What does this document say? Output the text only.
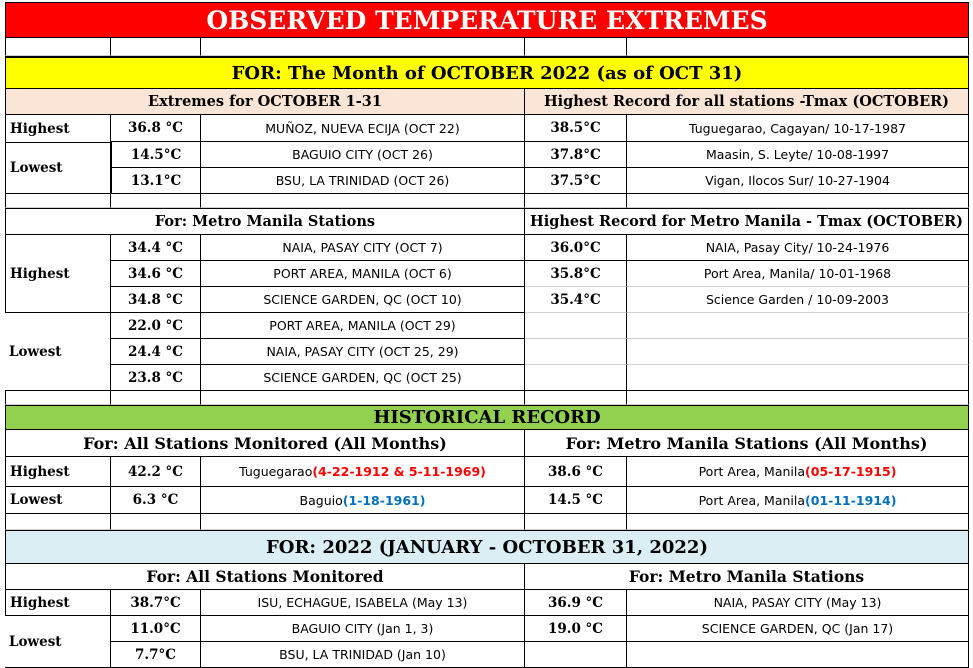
OBSERVED TEMPERATURE EXTREMES
FOR: The Month of OCTOBER 2022 (as of OCT 31)
Extremes for OCTOBER 1-31	Highest Record for all stations -Tmax (OCTOBER)
Highest	36.8 °C	MUÑOZ, NUEVA ECIJA (OCT 22)	38.5°C	Tuguegarao, Cagayan/ 10-17-1987
Lowest
14.5°C	BAGUIO CITY (OCT 26)	37.8°C	Maasin, S. Leyte/ 10-08-1997
13.1°C	BSU, LA TRINIDAD (OCT 26)	37.5°C	Vigan, Ilocos Sur/ 10-27-1904
For: Metro Manila Stations	Highest Record for Metro Manila - Tmax (OCTOBER)
Highest
34.4 °C	NAIA, PASAY CITY (OCT 7)	36.0°C	NAIA, Pasay City/ 10-24-1976
34.6 °C	PORT AREA, MANILA (OCT 6)	35.8°C	Port Area, Manila/ 10-01-1968
34.8 °C	SCIENCE GARDEN, QC (OCT 10)	35.4°C	Science Garden / 10-09-2003
Lowest
22.0 °C	PORT AREA, MANILA (OCT 29)
24.4 °C	NAIA, PASAY CITY (OCT 25, 29)
23.8 °C	SCIENCE GARDEN, QC (OCT 25)
HISTORICAL RECORD
For: All Stations Monitored (All Months)	For: Metro Manila Stations (All Months)
Highest	42.2 °C	Tuguegarao (4-22-1912 & 5-11-1969)	38.6 °C	Port Area, Manila (05-17-1915)
Lowest	6.3 °C	Baguio (1-18-1961)	14.5 °C	Port Area, Manila (01-11-1914)
FOR: 2022 (JANUARY - OCTOBER 31, 2022)
For: All Stations Monitored	For: Metro Manila Stations
Highest	38.7°C	ISU, ECHAGUE, ISABELA (May 13)	36.9 °C	NAIA, PASAY CITY (May 13)
Lowest
11.0°C	BAGUIO CITY (Jan 1, 3)	19.0 °C	SCIENCE GARDEN, QC (Jan 17)
7.7°C	BSU, LA TRINIDAD (Jan 10)
